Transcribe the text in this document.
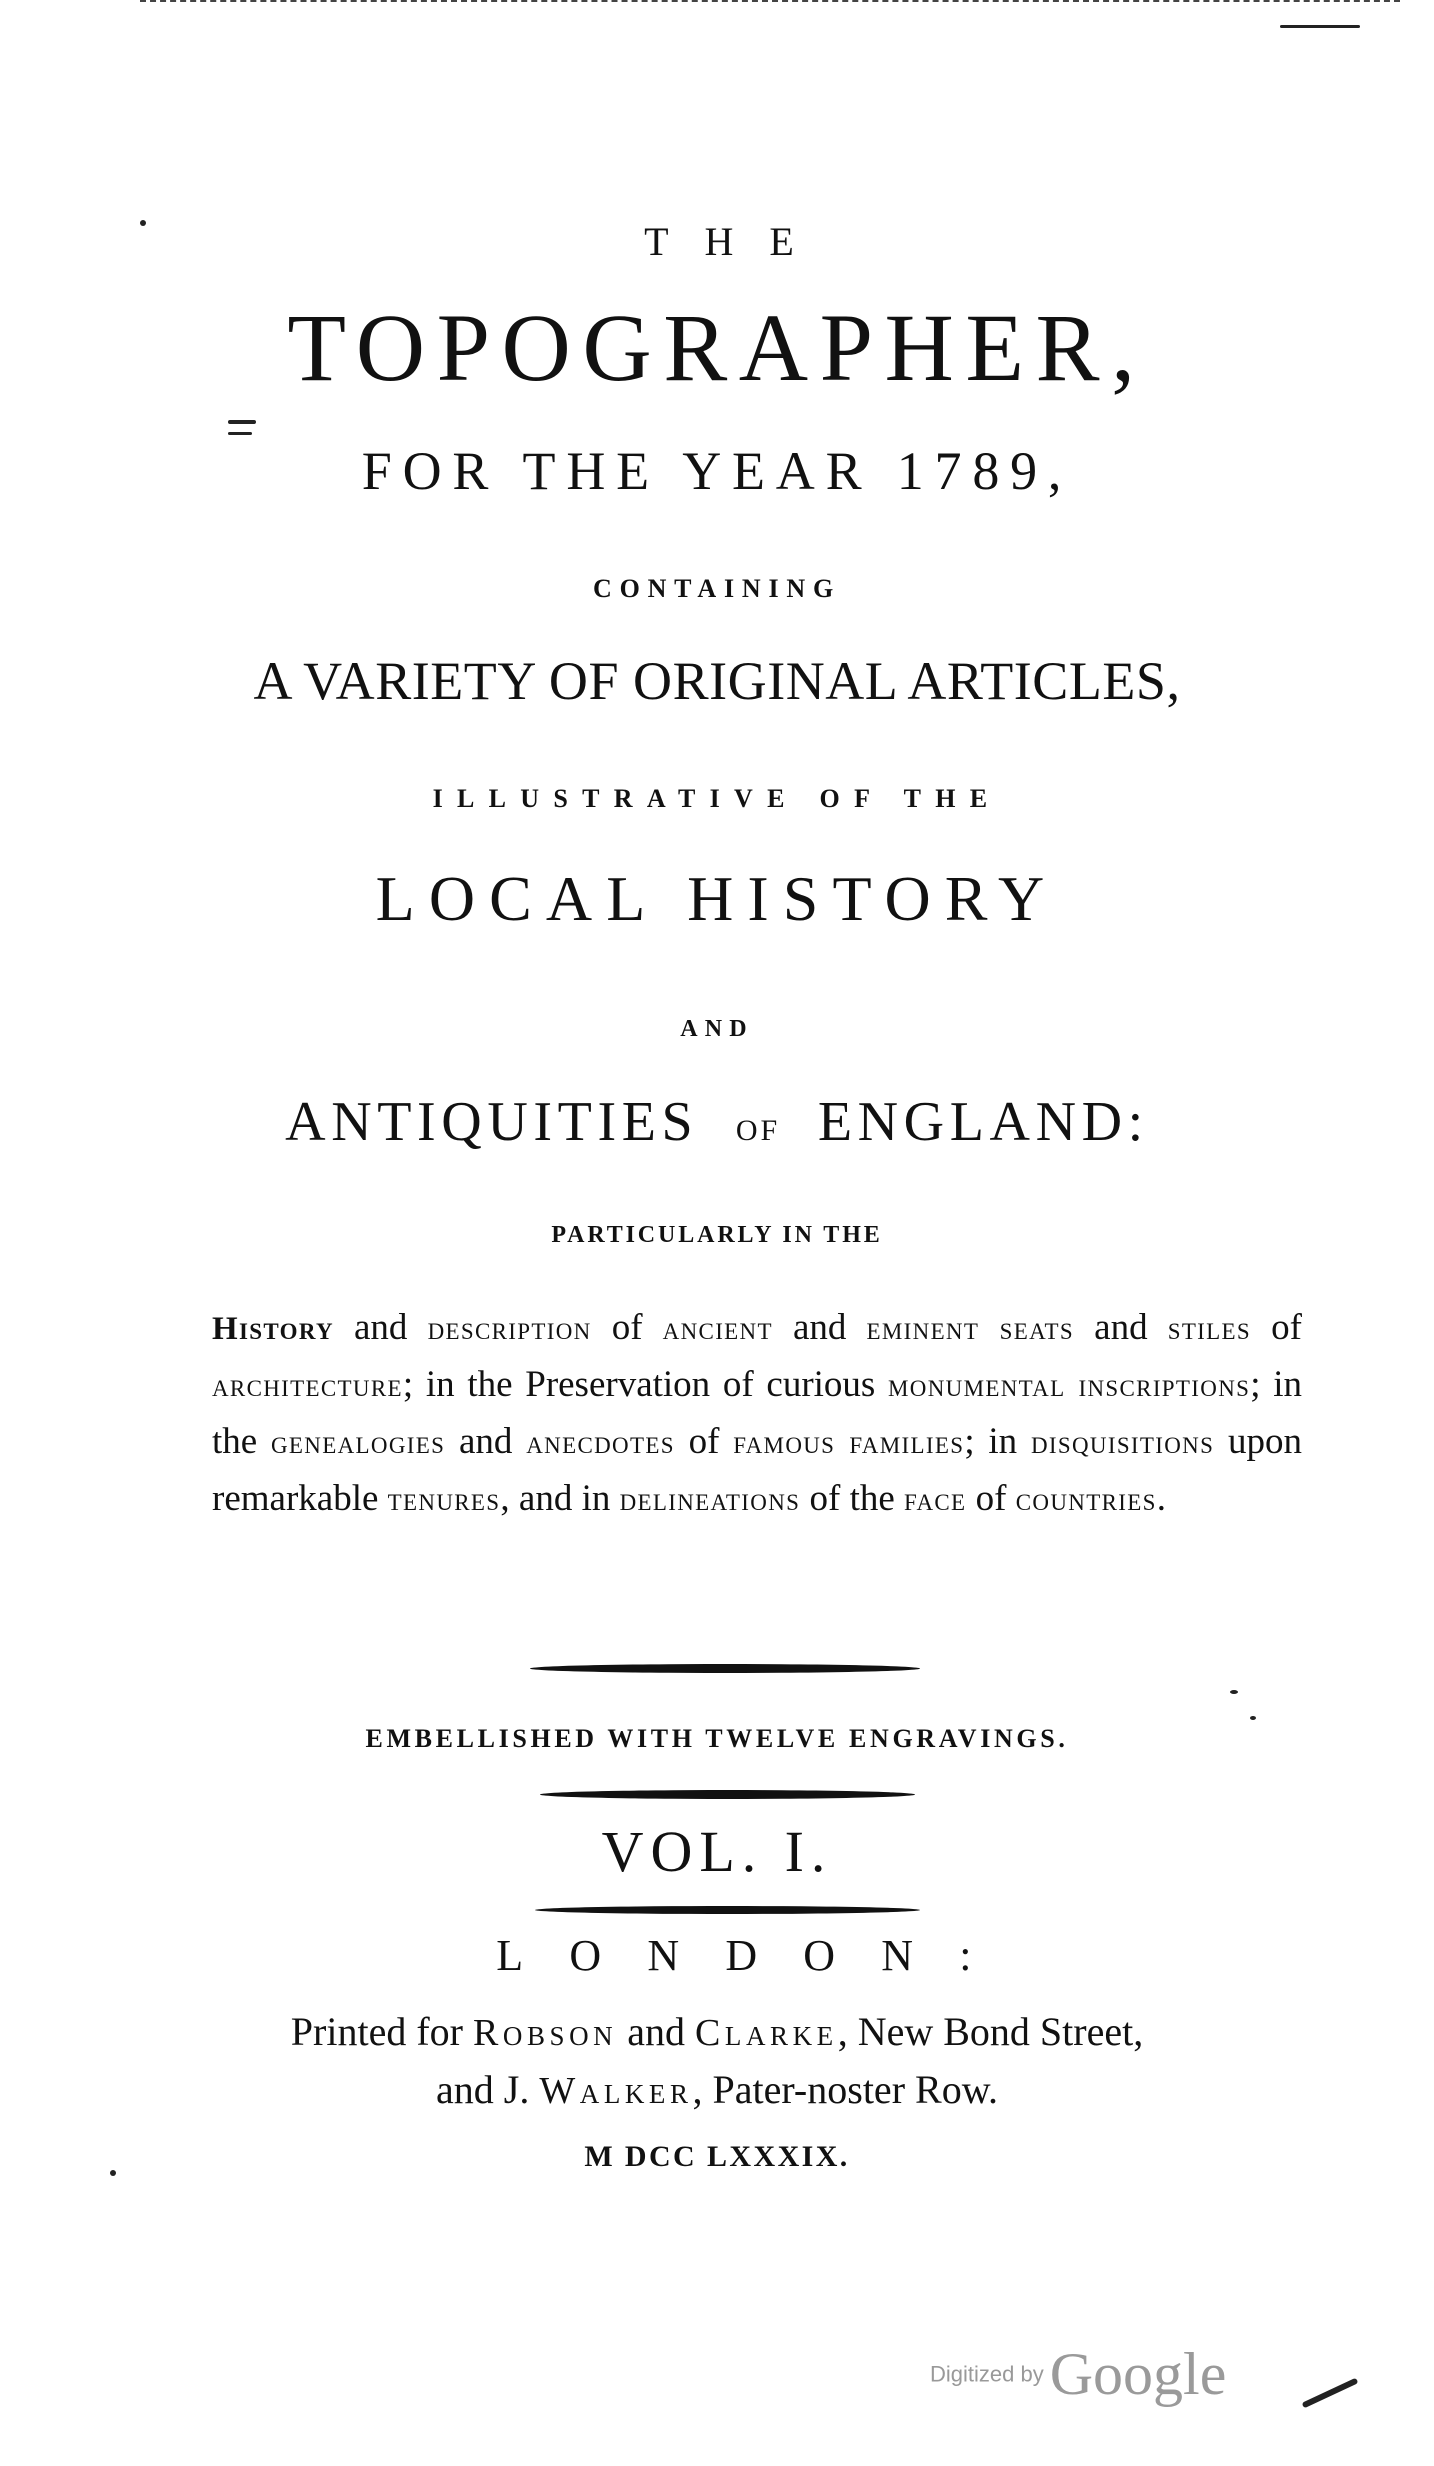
THE
TOPOGRAPHER,
FOR THE YEAR 1789,
CONTAINING
A VARIETY OF ORIGINAL ARTICLES,
ILLUSTRATIVE OF THE
LOCAL HISTORY
AND
ANTIQUITIES OF ENGLAND:
PARTICULARLY IN THE
History and description of ancient and eminent seats and stiles of architecture; in the Preservation of curious monumental inscriptions; in the genealogies and anecdotes of famous families; in disquisitions upon remarkable tenures, and in delineations of the face of countries.
EMBELLISHED WITH TWELVE ENGRAVINGS.
VOL. I.
LONDON:
Printed for Robson and Clarke, New Bond Street,
and J. Walker, Pater-noster Row.
M DCC LXXXIX.
Digitized by Google
